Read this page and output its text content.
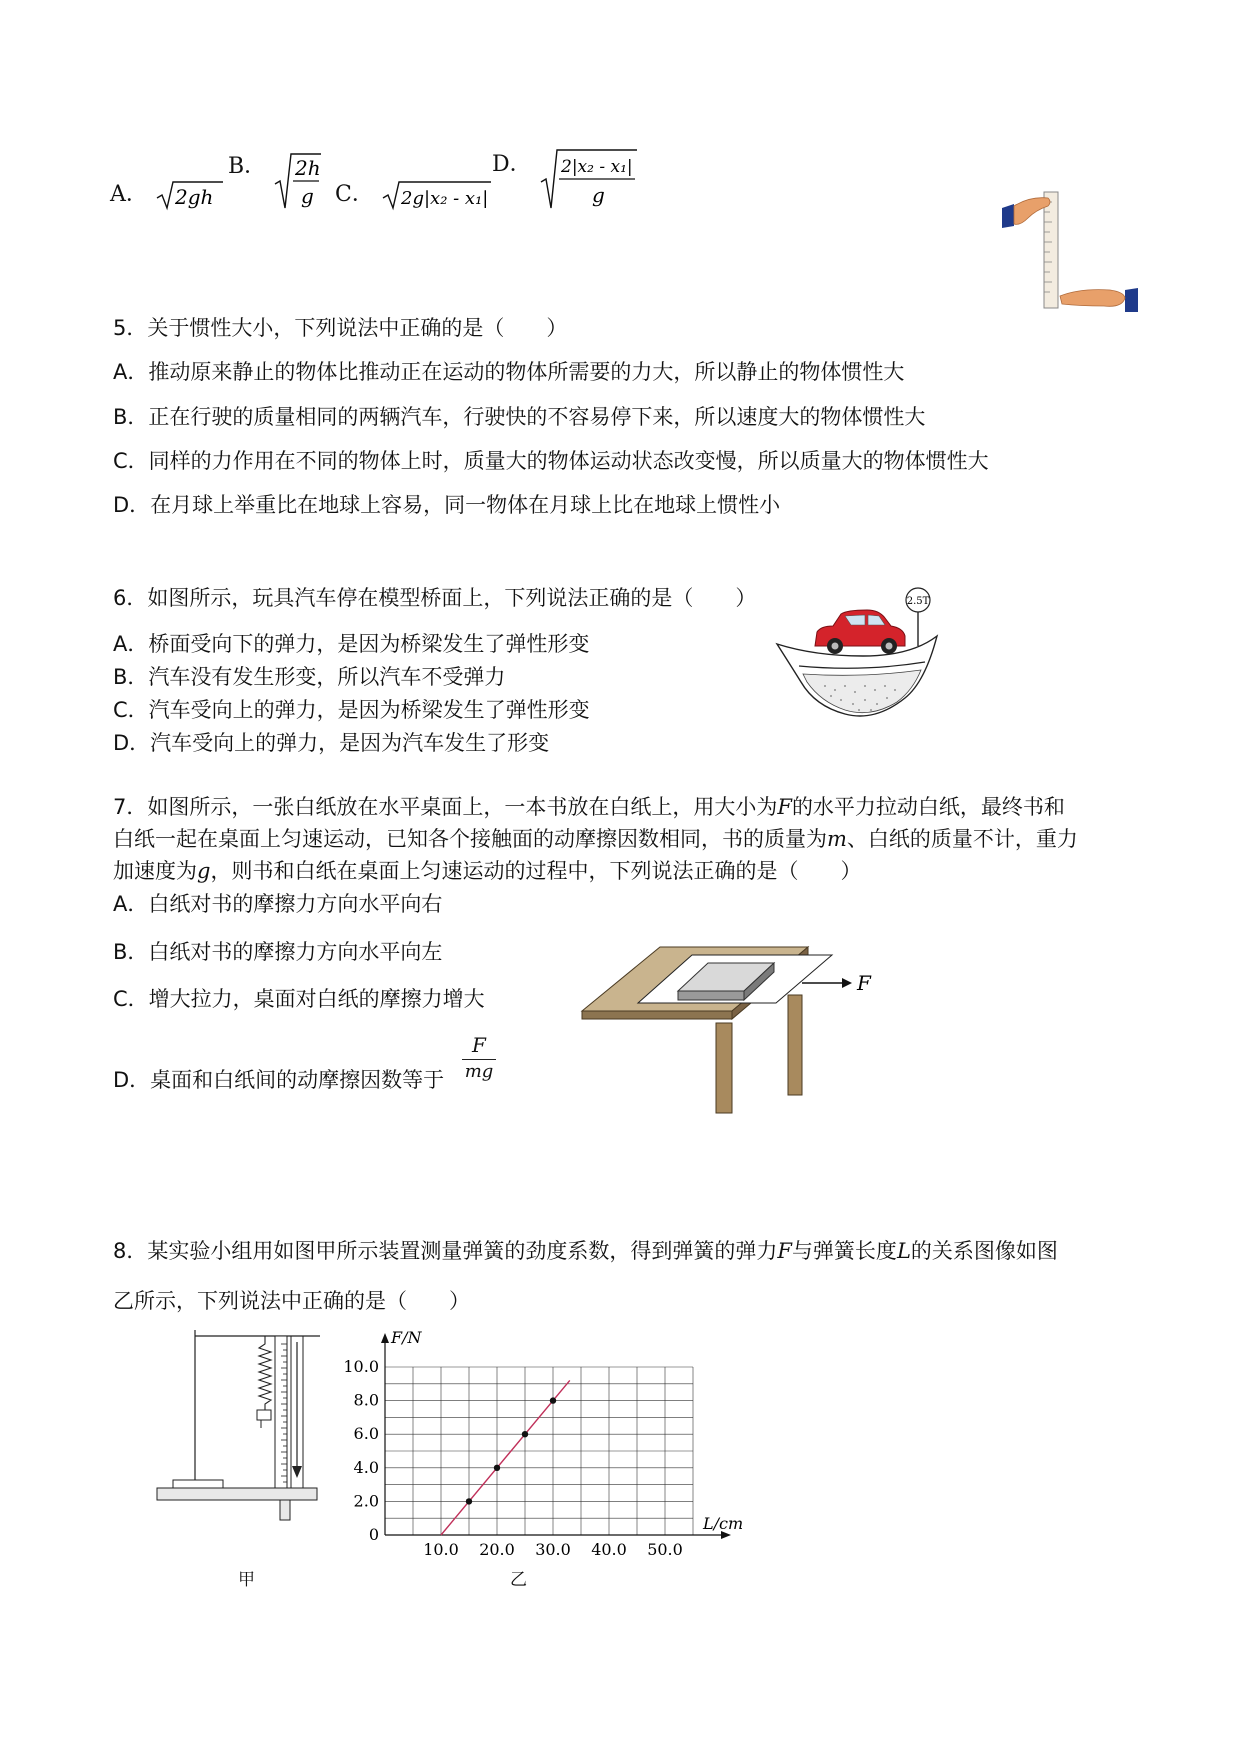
A． 2gh
B． 2h
g C． 2g|x₂ - x₁|
D． 2|x₂ - x₁|
g
5．关于惯性大小，下列说法中正确的是（　　）
A．推动原来静止的物体比推动正在运动的物体所需要的力大，所以静止的物体惯性大
B．正在行驶的质量相同的两辆汽车，行驶快的不容易停下来，所以速度大的物体惯性大
C．同样的力作用在不同的物体上时，质量大的物体运动状态改变慢，所以质量大的物体惯性大
D．在月球上举重比在地球上容易，同一物体在月球上比在地球上惯性小
6．如图所示，玩具汽车停在模型桥面上，下列说法正确的是（　　）
A．桥面受向下的弹力，是因为桥梁发生了弹性形变
B．汽车没有发生形变，所以汽车不受弹力
C．汽车受向上的弹力，是因为桥梁发生了弹性形变
D．汽车受向上的弹力，是因为汽车发生了形变
2.5T
7．如图所示，一张白纸放在水平桌面上，一本书放在白纸上，用大小为F的水平力拉动白纸，最终书和
白纸一起在桌面上匀速运动，已知各个接触面的动摩擦因数相同，书的质量为m、白纸的质量不计，重力
加速度为g，则书和白纸在桌面上匀速运动的过程中，下列说法正确的是（　　）
A．白纸对书的摩擦力方向水平向右
B．白纸对书的摩擦力方向水平向左
C．增大拉力，桌面对白纸的摩擦力增大
D．桌面和白纸间的动摩擦因数等于
F
mg
F
8．某实验小组用如图甲所示装置测量弹簧的劲度系数，得到弹簧的弹力F与弹簧长度L的关系图像如图
乙所示，下列说法中正确的是（　　）
甲
L/cm
F/N
10.0 20.0 30.0 40.0 50.0
0
2.0
4.0
6.0
8.0
10.0
乙
